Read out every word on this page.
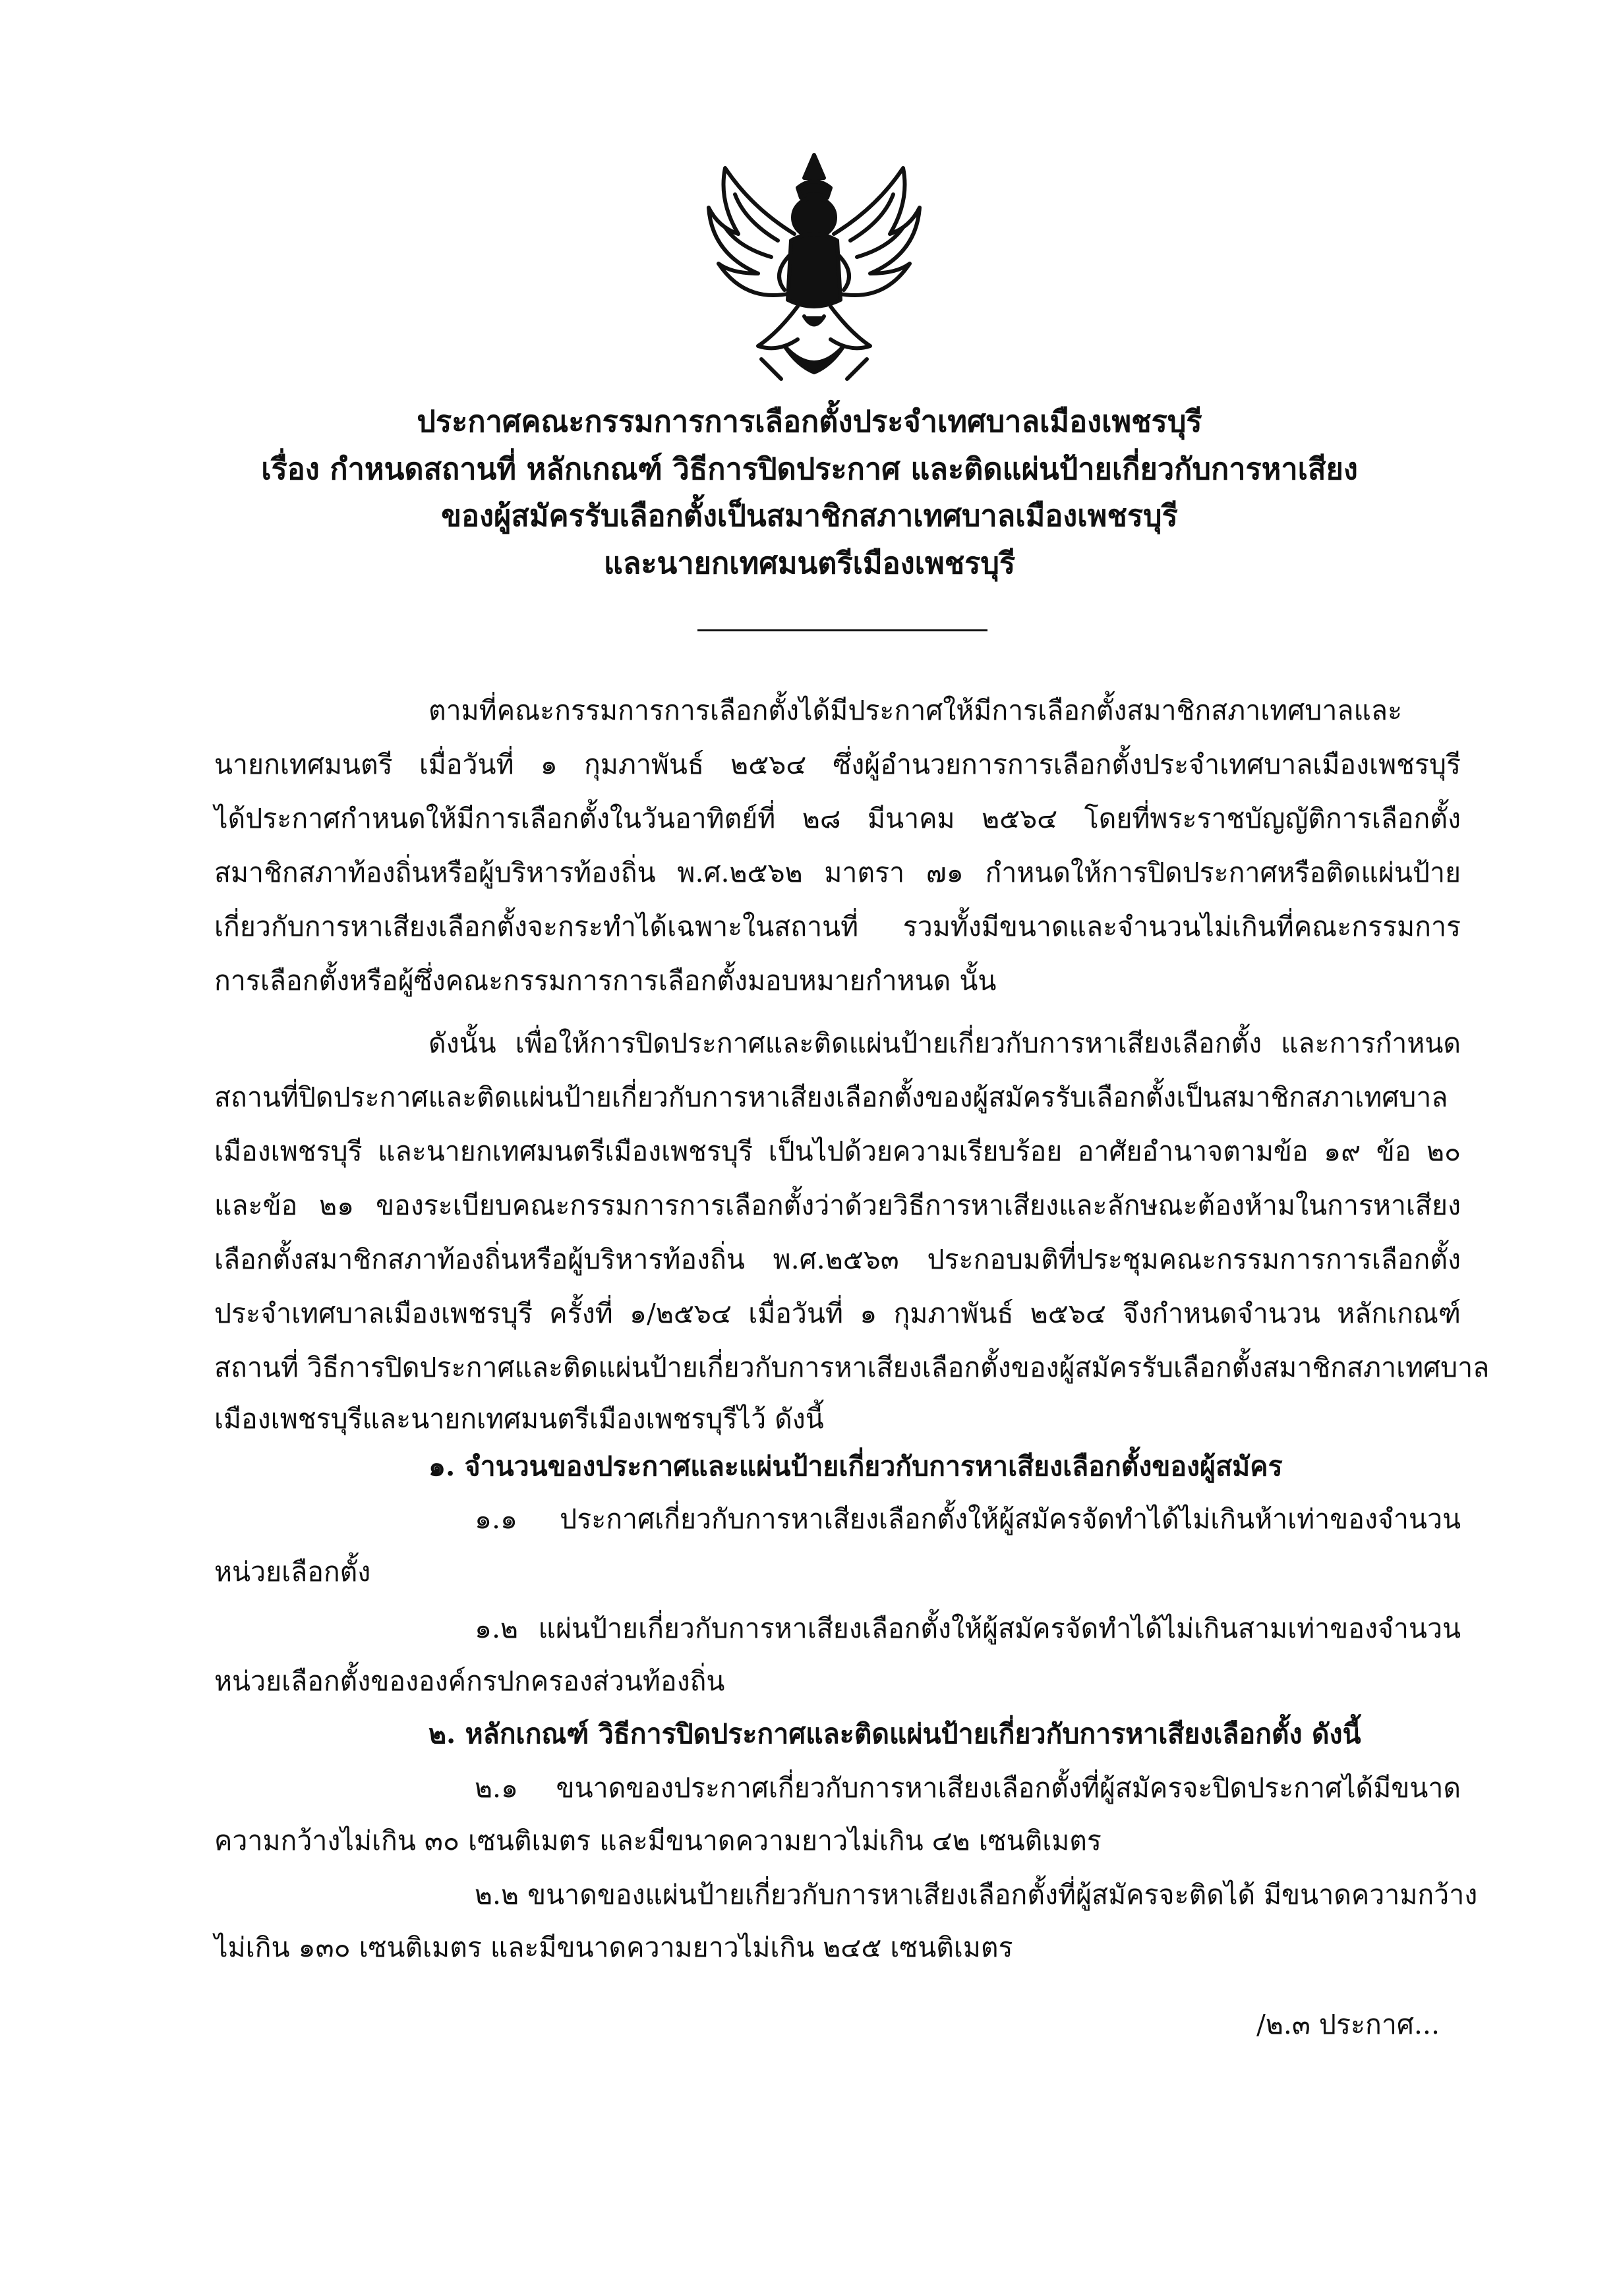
ประกาศคณะกรรมการการเลือกตั้งประจำเทศบาลเมืองเพชรบุรี
เรื่อง กำหนดสถานที่ หลักเกณฑ์ วิธีการปิดประกาศ และติดแผ่นป้ายเกี่ยวกับการหาเสียง
ของผู้สมัครรับเลือกตั้งเป็นสมาชิกสภาเทศบาลเมืองเพชรบุรี
และนายกเทศมนตรีเมืองเพชรบุรี
ตามที่คณะกรรมการการเลือกตั้งได้มีประกาศให้มีการเลือกตั้งสมาชิกสภาเทศบาลและ
นายกเทศมนตรี เมื่อวันที่ ๑ กุมภาพันธ์ ๒๕๖๔ ซึ่งผู้อำนวยการการเลือกตั้งประจำเทศบาลเมืองเพชรบุรี
ได้ประกาศกำหนดให้มีการเลือกตั้งในวันอาทิตย์ที่ ๒๘ มีนาคม ๒๕๖๔ โดยที่พระราชบัญญัติการเลือกตั้ง
สมาชิกสภาท้องถิ่นหรือผู้บริหารท้องถิ่น พ.ศ.๒๕๖๒ มาตรา ๗๑ กำหนดให้การปิดประกาศหรือติดแผ่นป้าย
เกี่ยวกับการหาเสียงเลือกตั้งจะกระทำได้เฉพาะในสถานที่ รวมทั้งมีขนาดและจำนวนไม่เกินที่คณะกรรมการ
การเลือกตั้งหรือผู้ซึ่งคณะกรรมการการเลือกตั้งมอบหมายกำหนด นั้น
ดังนั้น เพื่อให้การปิดประกาศและติดแผ่นป้ายเกี่ยวกับการหาเสียงเลือกตั้ง และการกำหนด
สถานที่ปิดประกาศและติดแผ่นป้ายเกี่ยวกับการหาเสียงเลือกตั้งของผู้สมัครรับเลือกตั้งเป็นสมาชิกสภาเทศบาล
เมืองเพชรบุรี และนายกเทศมนตรีเมืองเพชรบุรี เป็นไปด้วยความเรียบร้อย อาศัยอำนาจตามข้อ ๑๙ ข้อ ๒๐
และข้อ ๒๑ ของระเบียบคณะกรรมการการเลือกตั้งว่าด้วยวิธีการหาเสียงและลักษณะต้องห้ามในการหาเสียง
เลือกตั้งสมาชิกสภาท้องถิ่นหรือผู้บริหารท้องถิ่น พ.ศ.๒๕๖๓ ประกอบมติที่ประชุมคณะกรรมการการเลือกตั้ง
ประจำเทศบาลเมืองเพชรบุรี ครั้งที่ ๑/๒๕๖๔ เมื่อวันที่ ๑ กุมภาพันธ์ ๒๕๖๔ จึงกำหนดจำนวน หลักเกณฑ์
สถานที่ วิธีการปิดประกาศและติดแผ่นป้ายเกี่ยวกับการหาเสียงเลือกตั้งของผู้สมัครรับเลือกตั้งสมาชิกสภาเทศบาล
เมืองเพชรบุรีและนายกเทศมนตรีเมืองเพชรบุรีไว้ ดังนี้
๑. จำนวนของประกาศและแผ่นป้ายเกี่ยวกับการหาเสียงเลือกตั้งของผู้สมัคร
๑.๑ ประกาศเกี่ยวกับการหาเสียงเลือกตั้งให้ผู้สมัครจัดทำได้ไม่เกินห้าเท่าของจำนวน
หน่วยเลือกตั้ง
๑.๒ แผ่นป้ายเกี่ยวกับการหาเสียงเลือกตั้งให้ผู้สมัครจัดทำได้ไม่เกินสามเท่าของจำนวน
หน่วยเลือกตั้งขององค์กรปกครองส่วนท้องถิ่น
๒. หลักเกณฑ์ วิธีการปิดประกาศและติดแผ่นป้ายเกี่ยวกับการหาเสียงเลือกตั้ง ดังนี้
๒.๑ ขนาดของประกาศเกี่ยวกับการหาเสียงเลือกตั้งที่ผู้สมัครจะปิดประกาศได้มีขนาด
ความกว้างไม่เกิน ๓๐ เซนติเมตร และมีขนาดความยาวไม่เกิน ๔๒ เซนติเมตร
๒.๒ ขนาดของแผ่นป้ายเกี่ยวกับการหาเสียงเลือกตั้งที่ผู้สมัครจะติดได้ มีขนาดความกว้าง
ไม่เกิน ๑๓๐ เซนติเมตร และมีขนาดความยาวไม่เกิน ๒๔๕ เซนติเมตร
/๒.๓ ประกาศ...
